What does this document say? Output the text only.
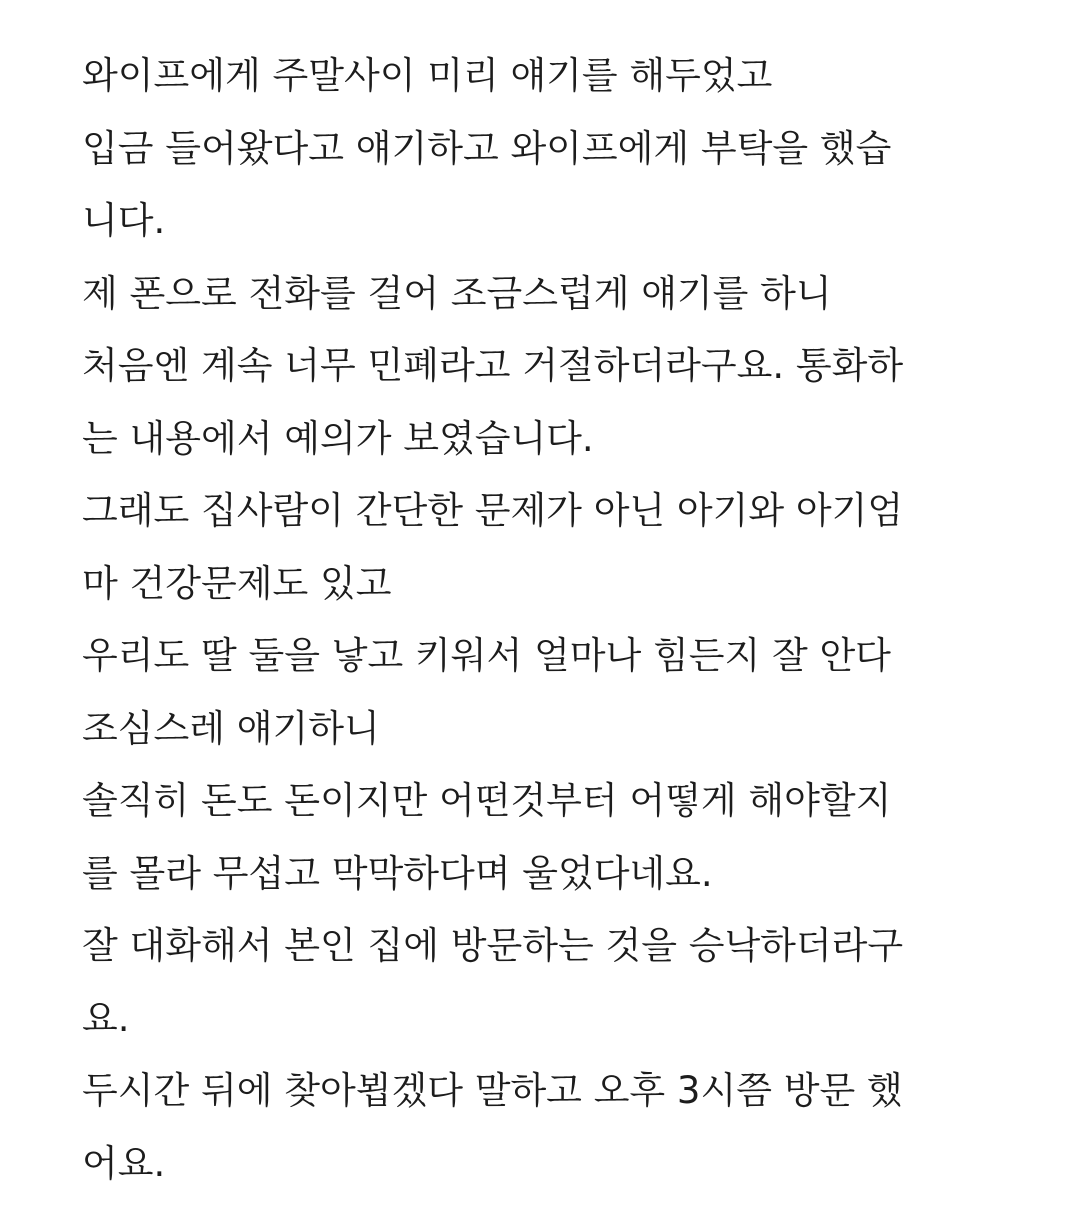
와이프에게 주말사이 미리 얘기를 해두었고
입금 들어왔다고 얘기하고 와이프에게 부탁을 했습
니다.
제 폰으로 전화를 걸어 조금스럽게 얘기를 하니
처음엔 계속 너무 민폐라고 거절하더라구요. 통화하
는 내용에서 예의가 보였습니다.
그래도 집사람이 간단한 문제가 아닌 아기와 아기엄
마 건강문제도 있고
우리도 딸 둘을 낳고 키워서 얼마나 힘든지 잘 안다
조심스레 얘기하니
솔직히 돈도 돈이지만 어떤것부터 어떻게 해야할지
를 몰라 무섭고 막막하다며 울었다네요.
잘 대화해서 본인 집에 방문하는 것을 승낙하더라구
요.
두시간 뒤에 찾아뵙겠다 말하고 오후 3시쯤 방문 했
어요.
